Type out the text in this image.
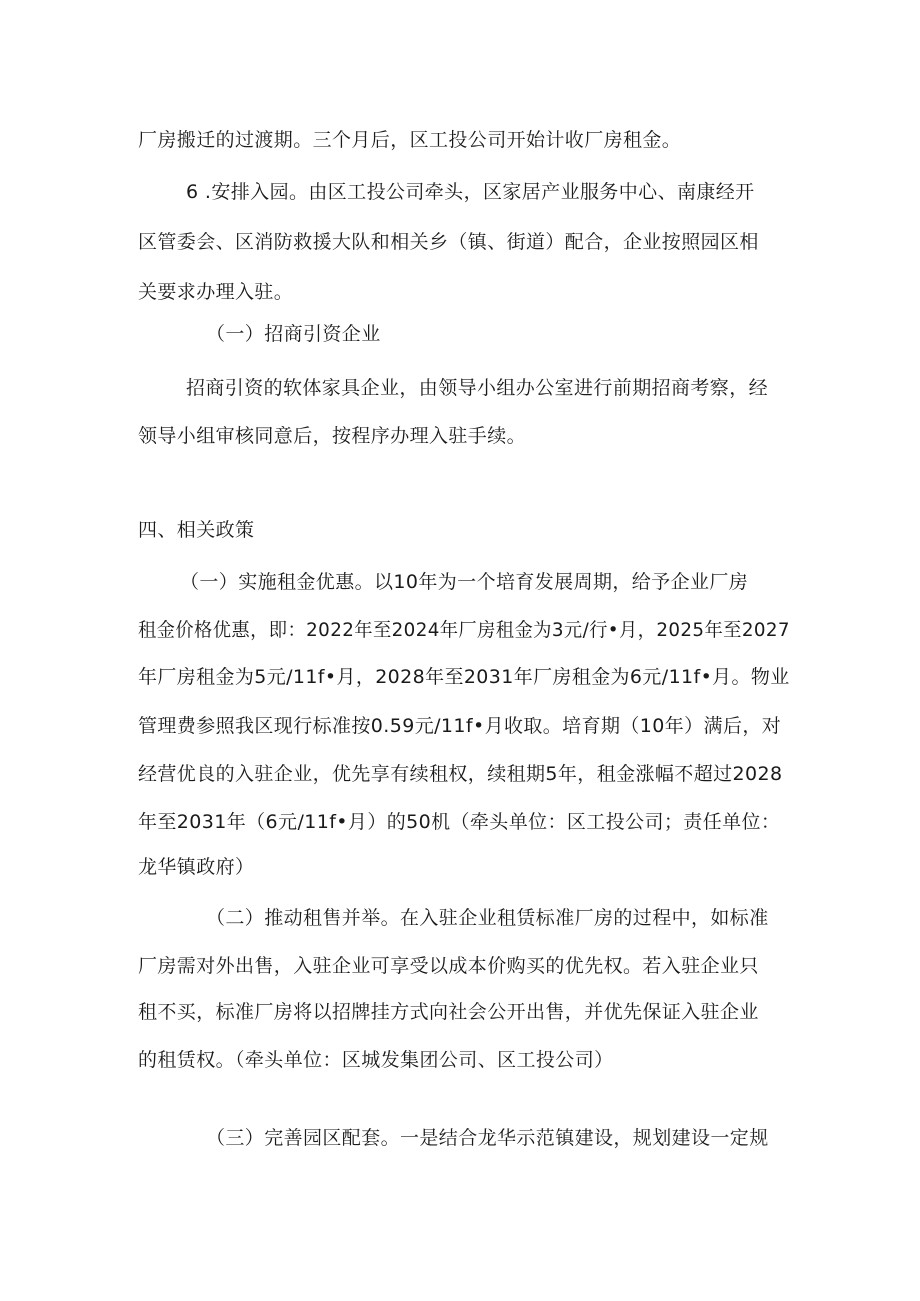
厂房搬迁的过渡期。三个月后，区工投公司开始计收厂房租金。

6 .安排入园。由区工投公司牵头，区家居产业服务中心、南康经开

区管委会、区消防救援大队和相关乡（镇、街道）配合，企业按照园区相

关要求办理入驻。

（一）招商引资企业

招商引资的软体家具企业，由领导小组办公室进行前期招商考察，经

领导小组审核同意后，按程序办理入驻手续。

四、相关政策

（一）实施租金优惠。以10年为一个培育发展周期，给予企业厂房

租金价格优惠，即：2022年至2024年厂房租金为3元/行•月，2025年至2027

年厂房租金为5元/11f•月，2028年至2031年厂房租金为6元/11f•月。物业

管理费参照我区现行标准按0.59元/11f•月收取。培育期（10年）满后，对

经营优良的入驻企业，优先享有续租权，续租期5年，租金涨幅不超过2028

年至2031年（6元/11f•月）的50机（牵头单位：区工投公司；责任单位：

龙华镇政府）

（二）推动租售并举。在入驻企业租赁标准厂房的过程中，如标准

厂房需对外出售，入驻企业可享受以成本价购买的优先权。若入驻企业只

租不买，标准厂房将以招牌挂方式向社会公开出售，并优先保证入驻企业

的租赁权。（牵头单位：区城发集团公司、区工投公司）

（三）完善园区配套。一是结合龙华示范镇建设，规划建设一定规
